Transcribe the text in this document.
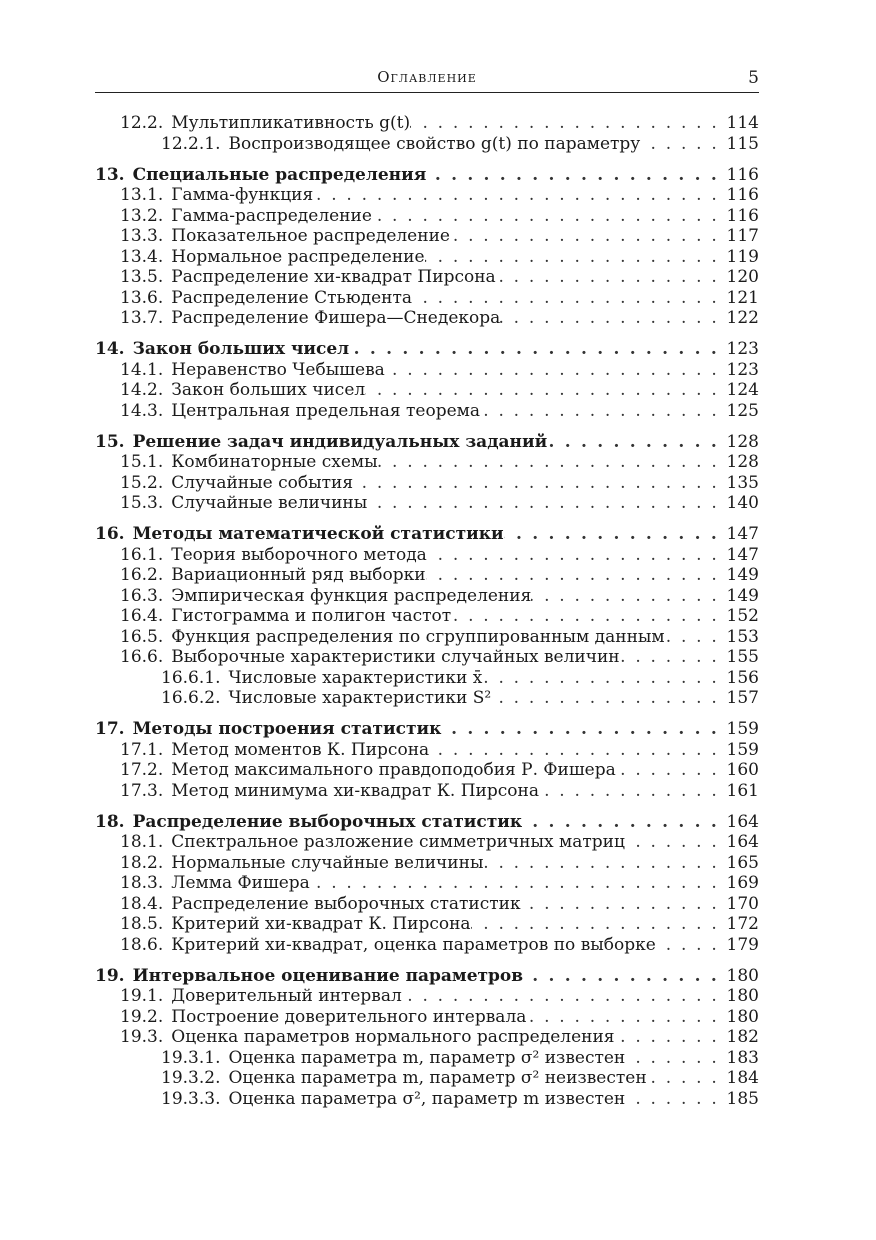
Оглавление	5
12.2. Мультипликативность g(t) . . .	114
12.2.1. Воспроизводящее свойство g(t) по параметру . . .	115
13. Специальные распределения . . .	116
13.1. Гамма-функция . . .	116
13.2. Гамма-распределение . . .	116
13.3. Показательное распределение . . .	117
13.4. Нормальное распределение . . .	119
13.5. Распределение хи-квадрат Пирсона . . .	120
13.6. Распределение Стьюдента . . .	121
13.7. Распределение Фишера—Снедекора . . .	122
14. Закон больших чисел . . .	123
14.1. Неравенство Чебышева . . .	123
14.2. Закон больших чисел . . .	124
14.3. Центральная предельная теорема . . .	125
15. Решение задач индивидуальных заданий . . .	128
15.1. Комбинаторные схемы . . .	128
15.2. Случайные события . . .	135
15.3. Случайные величины . . .	140
16. Методы математической статистики . . .	147
16.1. Теория выборочного метода . . .	147
16.2. Вариационный ряд выборки . . .	149
16.3. Эмпирическая функция распределения . . .	149
16.4. Гистограмма и полигон частот . . .	152
16.5. Функция распределения по сгруппированным данным . . .	153
16.6. Выборочные характеристики случайных величин . . .	155
16.6.1. Числовые характеристики x̄ . . .	156
16.6.2. Числовые характеристики S² . . .	157
17. Методы построения статистик . . .	159
17.1. Метод моментов К. Пирсона . . .	159
17.2. Метод максимального правдоподобия Р. Фишера . . .	160
17.3. Метод минимума хи-квадрат К. Пирсона . . .	161
18. Распределение выборочных статистик . . .	164
18.1. Спектральное разложение симметричных матриц . . .	164
18.2. Нормальные случайные величины . . .	165
18.3. Лемма Фишера . . .	169
18.4. Распределение выборочных статистик . . .	170
18.5. Критерий хи-квадрат К. Пирсона . . .	172
18.6. Критерий хи-квадрат, оценка параметров по выборке . . .	179
19. Интервальное оценивание параметров . . .	180
19.1. Доверительный интервал . . .	180
19.2. Построение доверительного интервала . . .	180
19.3. Оценка параметров нормального распределения . . .	182
19.3.1. Оценка параметра m, параметр σ² известен . . .	183
19.3.2. Оценка параметра m, параметр σ² неизвестен . . .	184
19.3.3. Оценка параметра σ², параметр m известен . . .	185
